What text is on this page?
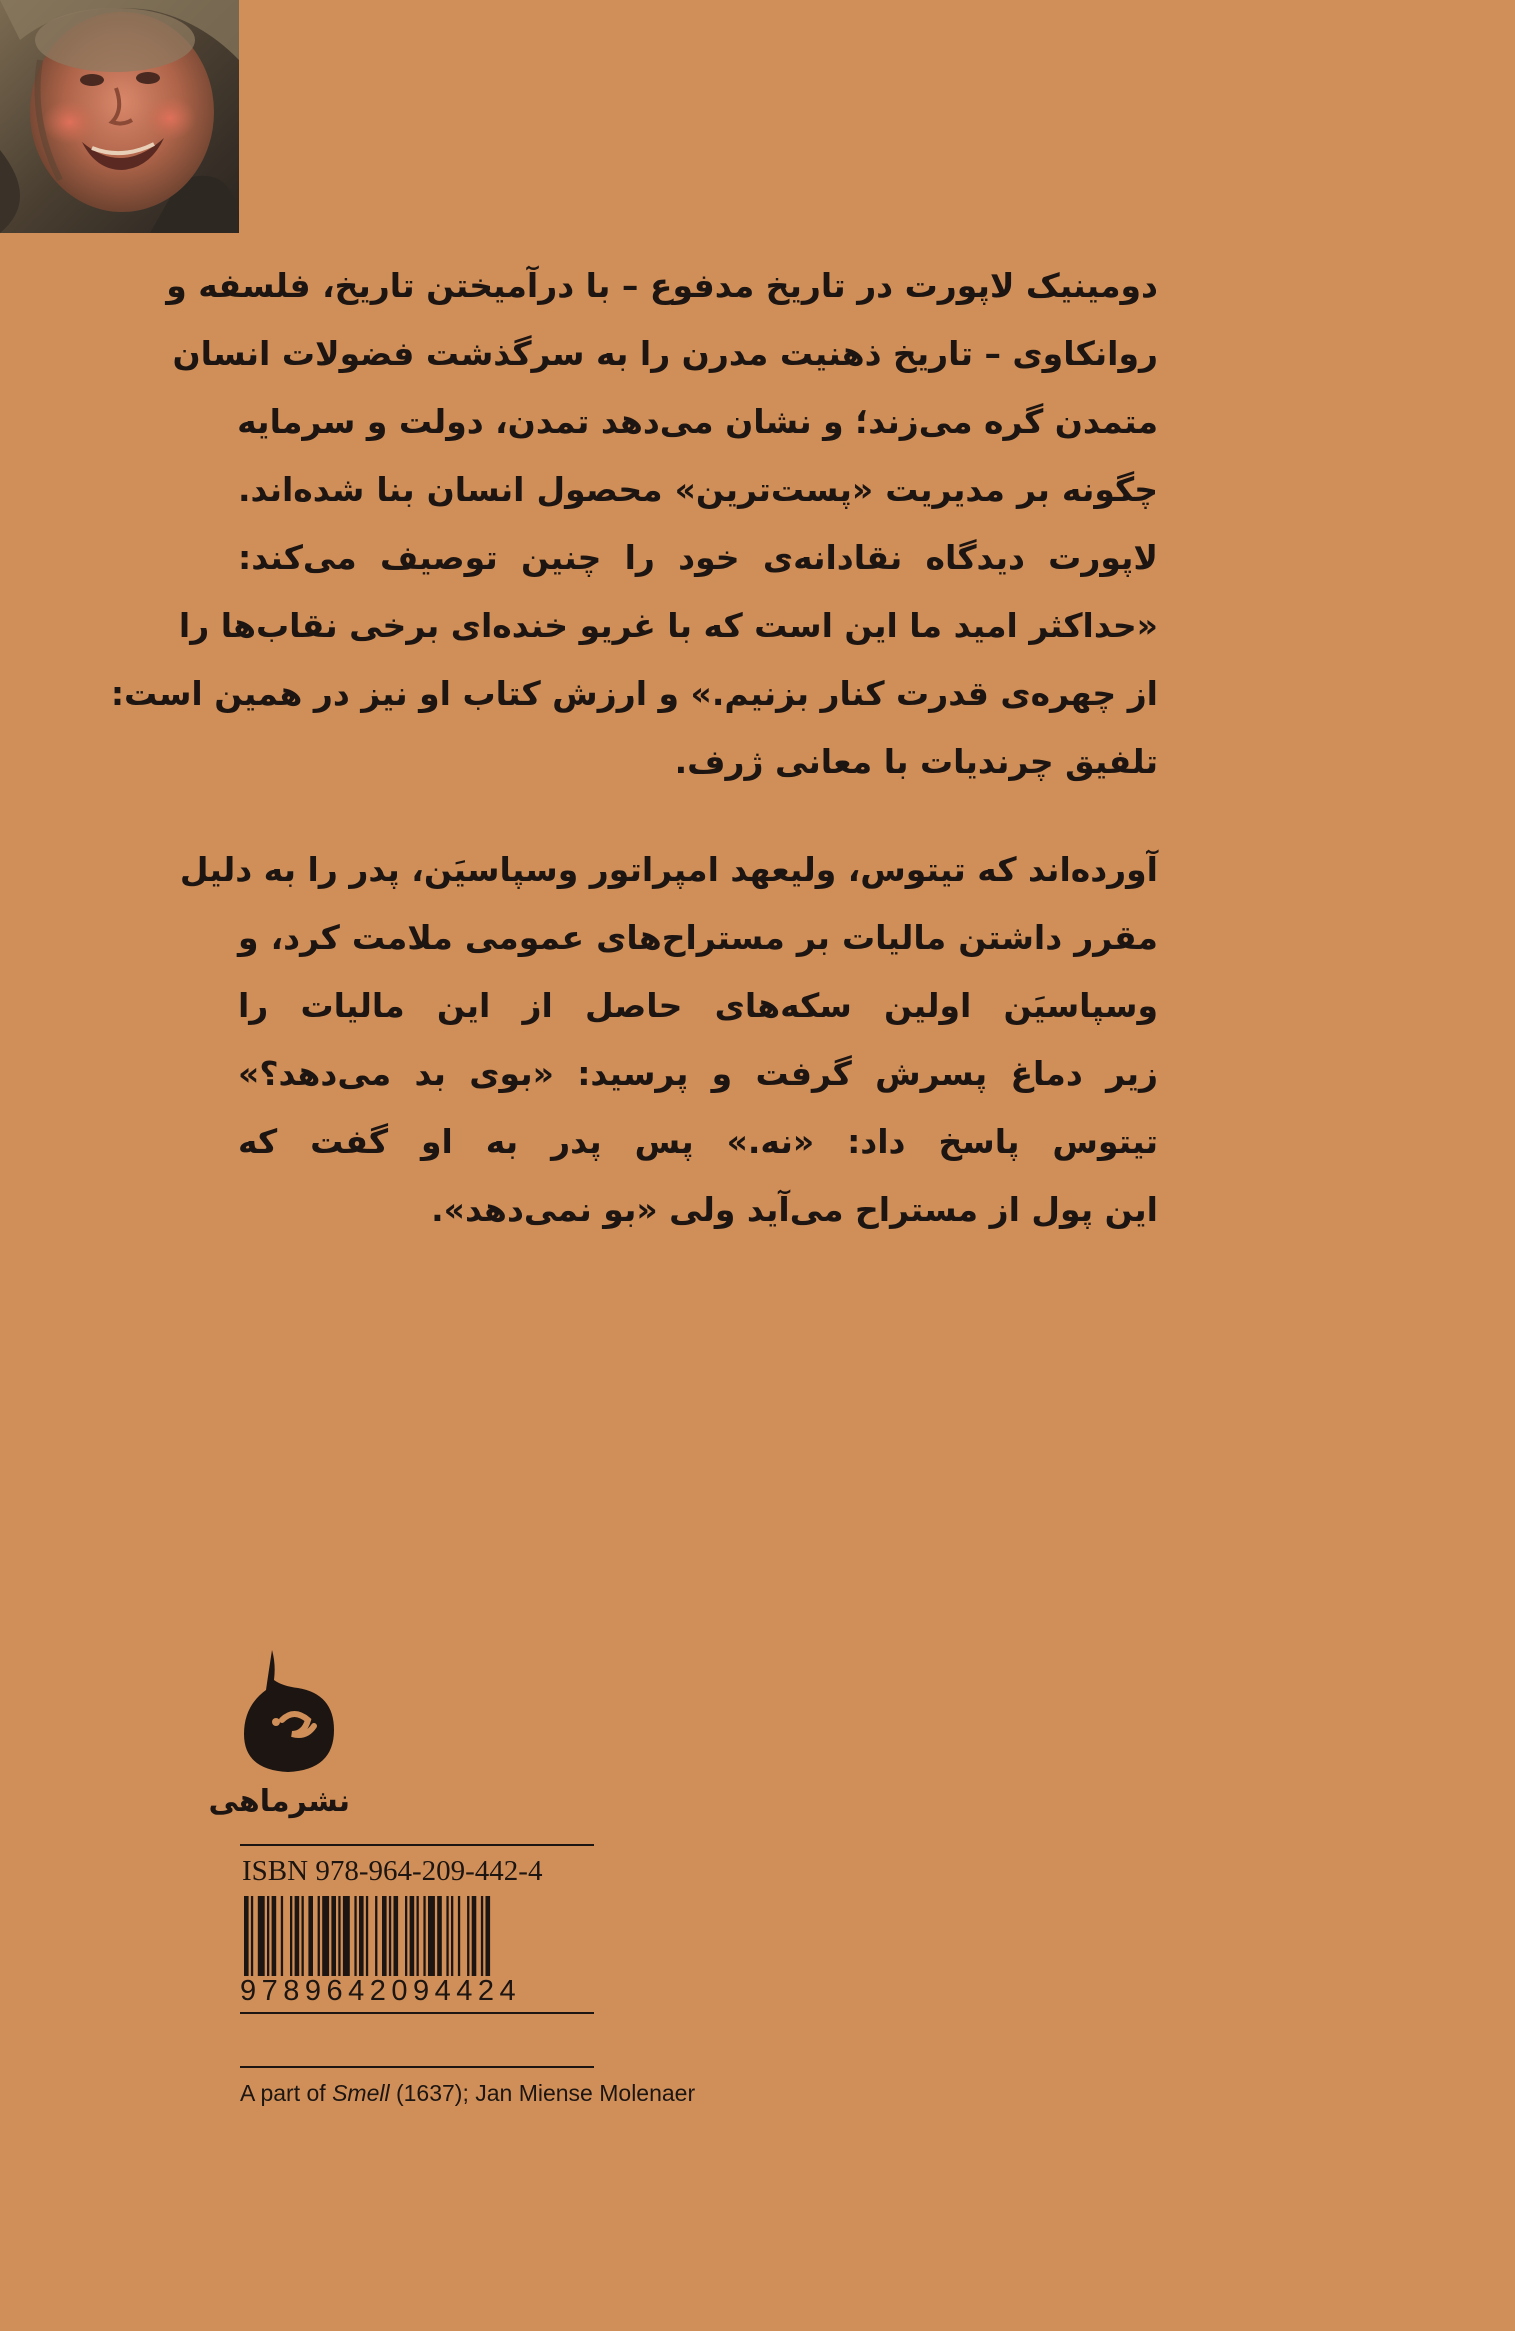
دومینیک لاپورت در تاریخ مدفوع – با درآمیختن تاریخ، فلسفه و
روانکاوی – تاریخ ذهنیت مدرن را به سرگذشت فضولات انسان
متمدن گره می‌زند؛ و نشان می‌دهد تمدن، دولت و سرمایه
چگونه بر مدیریت «پست‌ترین» محصول انسان بنا شده‌اند.
لاپورت دیدگاه نقادانه‌ی خود را چنین توصیف می‌کند:
«حداکثر امید ما این است که با غریو خنده‌ای برخی نقاب‌ها را
از چهره‌ی قدرت کنار بزنیم.» و ارزش کتاب او نیز در همین است:
تلفیق چرندیات با معانی ژرف.
آورده‌اند که تیتوس، ولیعهد امپراتور وسپاسیَن، پدر را به دلیل
مقرر داشتن مالیات بر مستراح‌های عمومی ملامت کرد، و
وسپاسیَن اولین سکه‌های حاصل از این مالیات را
زیر دماغ پسرش گرفت و پرسید: «بوی بد می‌دهد؟»
تیتوس پاسخ داد: «نه.» پس پدر به او گفت که
این پول از مستراح می‌آید ولی «بو نمی‌دهد».
نشرماهی
ISBN 978-964-209-442-4
9789642094424
A part of Smell (1637); Jan Miense Molenaer
